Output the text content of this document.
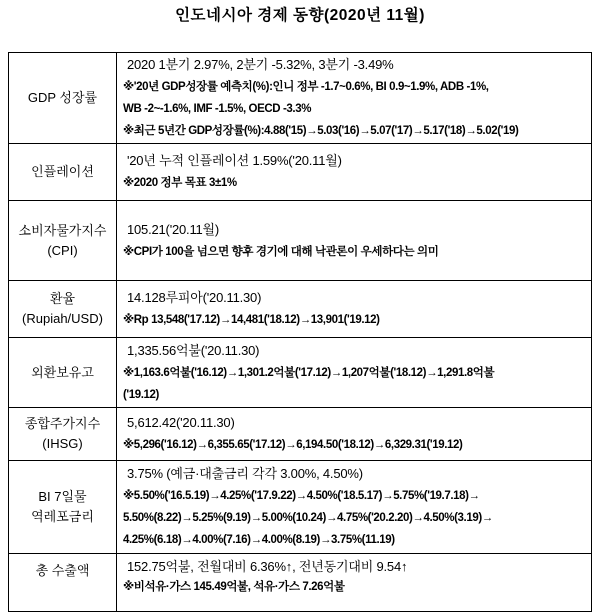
인도네시아 경제 동향(2020년 11월)
GDP 성장률
2020 1분기 2.97%, 2분기 -5.32%, 3분기 -3.49%
※'20년 GDP성장률 예측치(%):인니 정부 -1.7~0.6%, BI 0.9~1.9%, ADB -1%,
WB -2~-1.6%, IMF -1.5%, OECD -3.3%
※최근 5년간 GDP성장률(%):4.88('15)→5.03('16)→5.07('17)→5.17('18)→5.02('19)
인플레이션
'20년 누적 인플레이션 1.59%('20.11월)
※2020 정부 목표 3±1%
소비자물가지수
(CPI)
105.21('20.11월)
※CPI가 100을 넘으면 향후 경기에 대해 낙관론이 우세하다는 의미
환율
(Rupiah/USD)
14.128루피아('20.11.30)
※Rp 13,548('17.12)→14,481('18.12)→13,901('19.12)
외환보유고
1,335.56억불('20.11.30)
※1,163.6억불('16.12)→1,301.2억불('17.12)→1,207억불('18.12)→1,291.8억불
('19.12)
종합주가지수
(IHSG)
5,612.42('20.11.30)
※5,296('16.12)→6,355.65('17.12)→6,194.50('18.12)→6,329.31('19.12)
BI 7일물
역레포금리
3.75% (예금·대출금리 각각 3.00%, 4.50%)
※5.50%('16.5.19)→4.25%('17.9.22)→4.50%('18.5.17)→5.75%('19.7.18)→
5.50%(8.22)→5.25%(9.19)→5.00%(10.24)→4.75%('20.2.20)→4.50%(3.19)→
4.25%(6.18)→4.00%(7.16)→4.00%(8.19)→3.75%(11.19)
총 수출액	152.75억불, 전월대비 6.36%↑, 전년동기대비 9.54↑
※비석유·가스 145.49억불, 석유·가스 7.26억불
